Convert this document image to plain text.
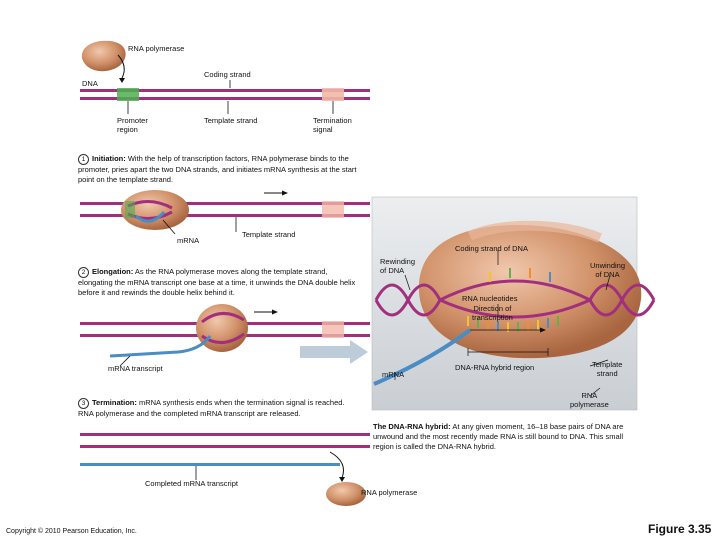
RNA polymerase
Coding strand
DNA
Promoter
region
Template strand	Termination
signal
1 Initiation: With the help of transcription factors, RNA polymerase binds to the promoter, pries apart the two DNA strands, and initiates mRNA synthesis at the start point on the template strand.
mRNA
Template strand
2 Elongation: As the RNA polymerase moves along the template strand, elongating the mRNA transcript one base at a time, it unwinds the DNA double helix before it and rewinds the double helix behind it.
mRNA transcript
3 Termination: mRNA synthesis ends when the termination signal is reached. RNA polymerase and the completed mRNA transcript are released.
Completed mRNA transcript
RNA polymerase
Coding strand of DNA
Rewinding
of DNA
Unwinding
of DNA
RNA nucleotides
Direction of
transcription
mRNA
DNA-RNA hybrid region	Template
strand
RNA
polymerase
The DNA-RNA hybrid: At any given moment, 16–18 base pairs of DNA are unwound and the most recently made RNA is still bound to DNA. This small region is called the DNA-RNA hybrid.
Copyright © 2010 Pearson Education, Inc.	Figure 3.35
